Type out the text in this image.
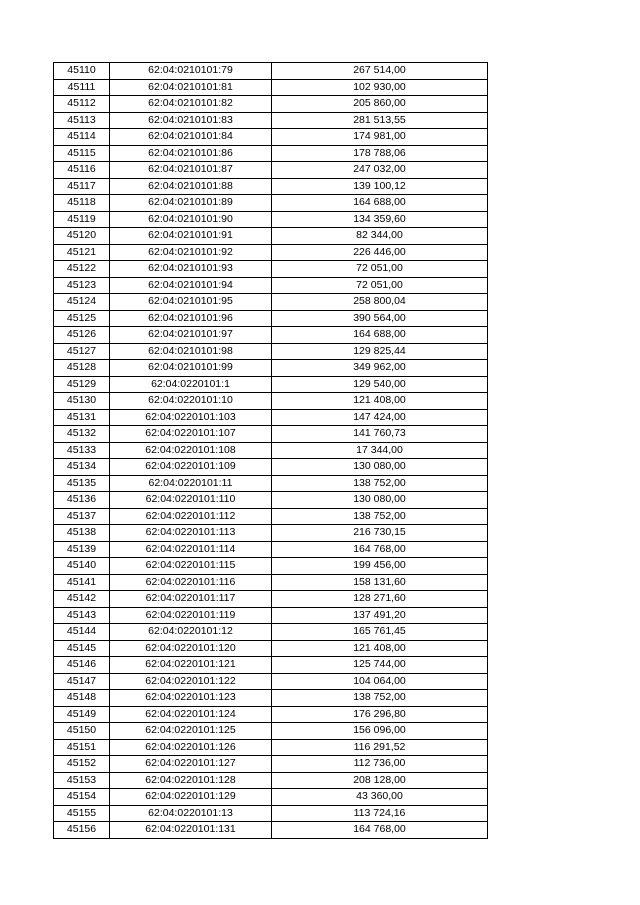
45110	62:04:0210101:79	267 514,00
45111	62:04:0210101:81	102 930,00
45112	62:04:0210101:82	205 860,00
45113	62:04:0210101:83	281 513,55
45114	62:04:0210101:84	174 981,00
45115	62:04:0210101:86	178 788,06
45116	62:04:0210101:87	247 032,00
45117	62:04:0210101:88	139 100,12
45118	62:04:0210101:89	164 688,00
45119	62:04:0210101:90	134 359,60
45120	62:04:0210101:91	82 344,00
45121	62:04:0210101:92	226 446,00
45122	62:04:0210101:93	72 051,00
45123	62:04:0210101:94	72 051,00
45124	62:04:0210101:95	258 800,04
45125	62:04:0210101:96	390 564,00
45126	62:04:0210101:97	164 688,00
45127	62:04:0210101:98	129 825,44
45128	62:04:0210101:99	349 962,00
45129	62:04:0220101:1	129 540,00
45130	62:04:0220101:10	121 408,00
45131	62:04:0220101:103	147 424,00
45132	62:04:0220101:107	141 760,73
45133	62:04:0220101:108	17 344,00
45134	62:04:0220101:109	130 080,00
45135	62:04:0220101:11	138 752,00
45136	62:04:0220101:110	130 080,00
45137	62:04:0220101:112	138 752,00
45138	62:04:0220101:113	216 730,15
45139	62:04:0220101:114	164 768,00
45140	62:04:0220101:115	199 456,00
45141	62:04:0220101:116	158 131,60
45142	62:04:0220101:117	128 271,60
45143	62:04:0220101:119	137 491,20
45144	62:04:0220101:12	165 761,45
45145	62:04:0220101:120	121 408,00
45146	62:04:0220101:121	125 744,00
45147	62:04:0220101:122	104 064,00
45148	62:04:0220101:123	138 752,00
45149	62:04:0220101:124	176 296,80
45150	62:04:0220101:125	156 096,00
45151	62:04:0220101:126	116 291,52
45152	62:04:0220101:127	112 736,00
45153	62:04:0220101:128	208 128,00
45154	62:04:0220101:129	43 360,00
45155	62:04:0220101:13	113 724,16
45156	62:04:0220101:131	164 768,00
